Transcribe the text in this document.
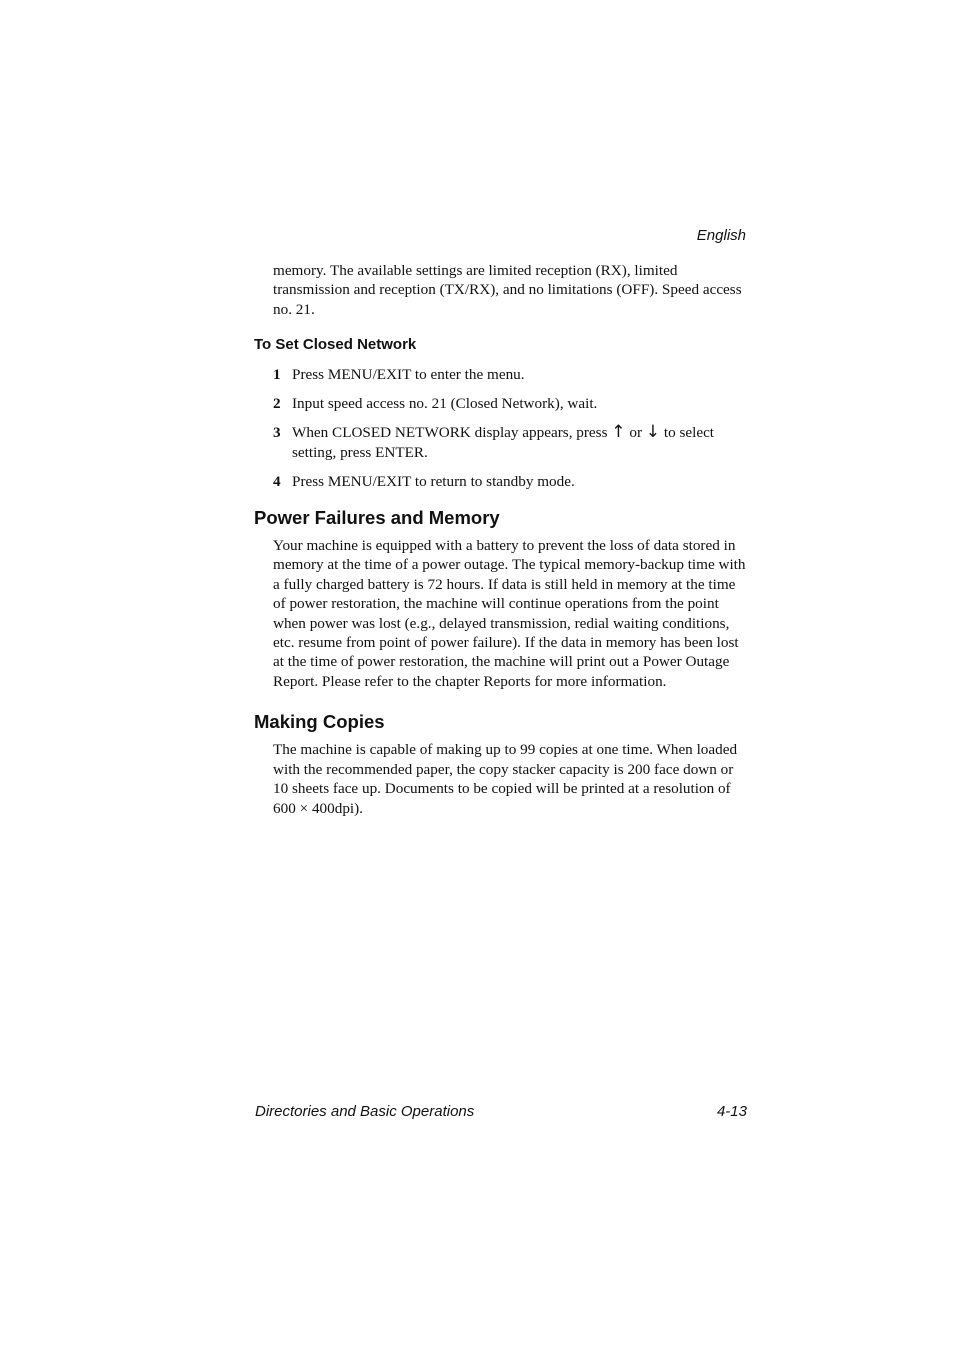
English

memory. The available settings are limited reception (RX), limited transmission and reception (TX/RX), and no limitations (OFF). Speed access no. 21.

To Set Closed Network
1 Press MENU/EXIT to enter the menu.
2 Input speed access no. 21 (Closed Network), wait.
3 When CLOSED NETWORK display appears, press ↑ or ↓ to select setting, press ENTER.
4 Press MENU/EXIT to return to standby mode.
Power Failures and Memory

Your machine is equipped with a battery to prevent the loss of data stored in memory at the time of a power outage. The typical memory-backup time with a fully charged battery is 72 hours. If data is still held in memory at the time of power restoration, the machine will continue operations from the point when power was lost (e.g., delayed transmission, redial waiting conditions, etc. resume from point of power failure). If the data in memory has been lost at the time of power restoration, the machine will print out a Power Outage Report. Please refer to the chapter Reports for more information.

Making Copies

The machine is capable of making up to 99 copies at one time. When loaded with the recommended paper, the copy stacker capacity is 200 face down or 10 sheets face up. Documents to be copied will be printed at a resolution of 600 × 400dpi).

Directories and Basic Operations	4-13
